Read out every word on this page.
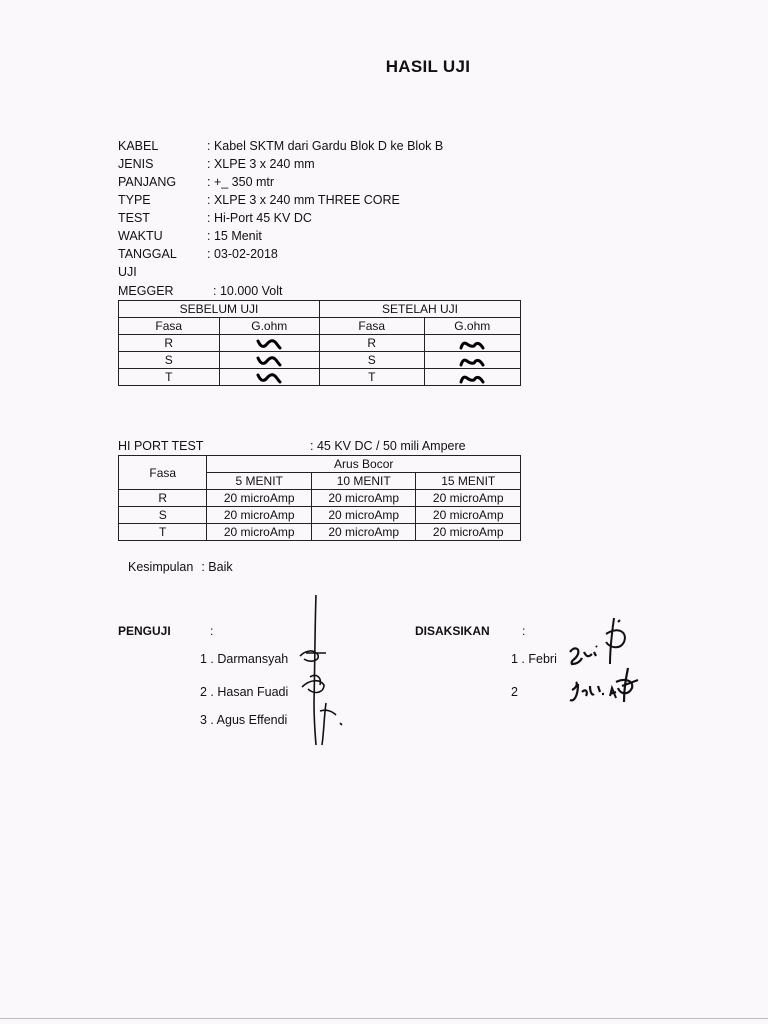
HASIL UJI
KABEL	: Kabel SKTM dari Gardu Blok D ke Blok B
JENIS	: XLPE 3 x 240 mm
PANJANG : +_ 350 mtr
TYPE	: XLPE 3 x 240 mm THREE CORE
TEST	: Hi-Port 45 KV DC
WAKTU	: 15 Menit
TANGGAL UJI
: 03-02-2018
MEGGER	: 10.000 Volt
SEBELUM UJI		SETELAH UJI	
Fasa	G.ohm	Fasa	G.ohm
R		R	
S		S	
T		T	
HI PORT TEST	: 45 KV DC / 50 mili Ampere
Fasa	Arus Bocor		
	5 MENIT	10 MENIT	15 MENIT
R	20 microAmp	20 microAmp	20 microAmp
S	20 microAmp	20 microAmp	20 microAmp
T	20 microAmp	20 microAmp	20 microAmp
Kesimpulan : Baik
PENGUJI	:
1 . Darmansyah
2 . Hasan Fuadi
3 . Agus Effendi
DISAKSIKAN	:
1 . Febri
2
